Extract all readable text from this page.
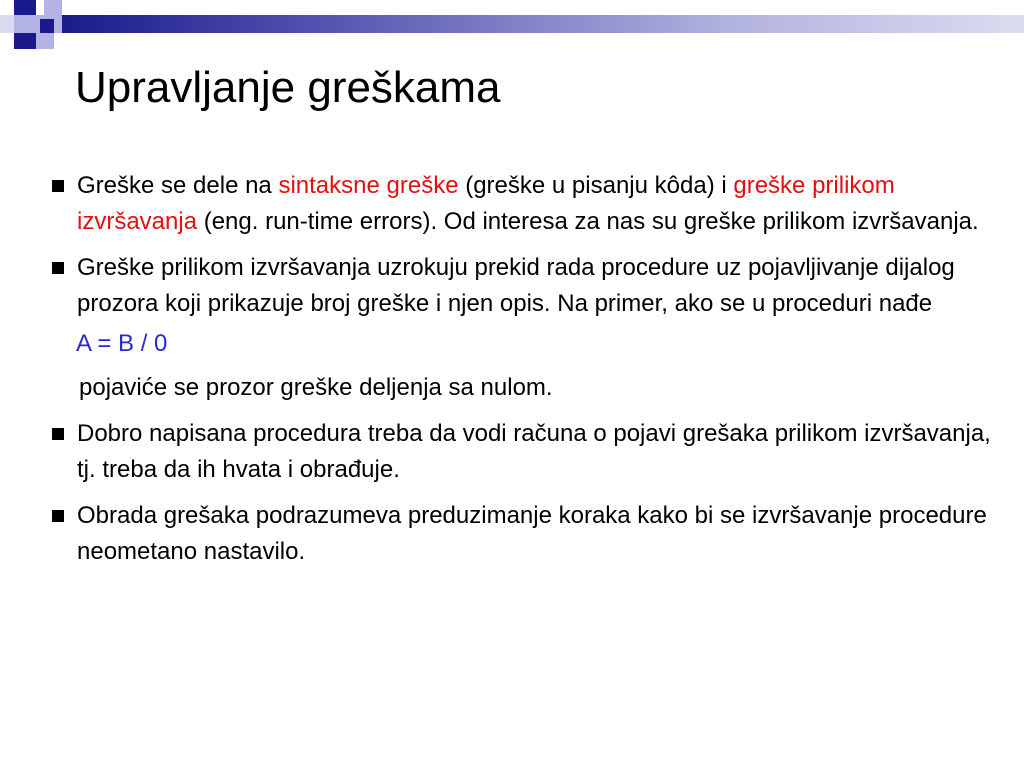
Upravljanje greškama
Greške se dele na sintaksne greške (greške u pisanju kôda) i greške prilikom izvršavanja (eng. run-time errors). Od interesa za nas su greške prilikom izvršavanja.
Greške prilikom izvršavanja uzrokuju prekid rada procedure uz pojavljivanje dijalog prozora koji prikazuje broj greške i njen opis. Na primer, ako se u proceduri nađe
A = B / 0
pojaviće se prozor greške deljenja sa nulom.
Dobro napisana procedura treba da vodi računa o pojavi grešaka prilikom izvršavanja, tj. treba da ih hvata i obrađuje.
Obrada grešaka podrazumeva preduzimanje koraka kako bi se izvršavanje procedure neometano nastavilo.
